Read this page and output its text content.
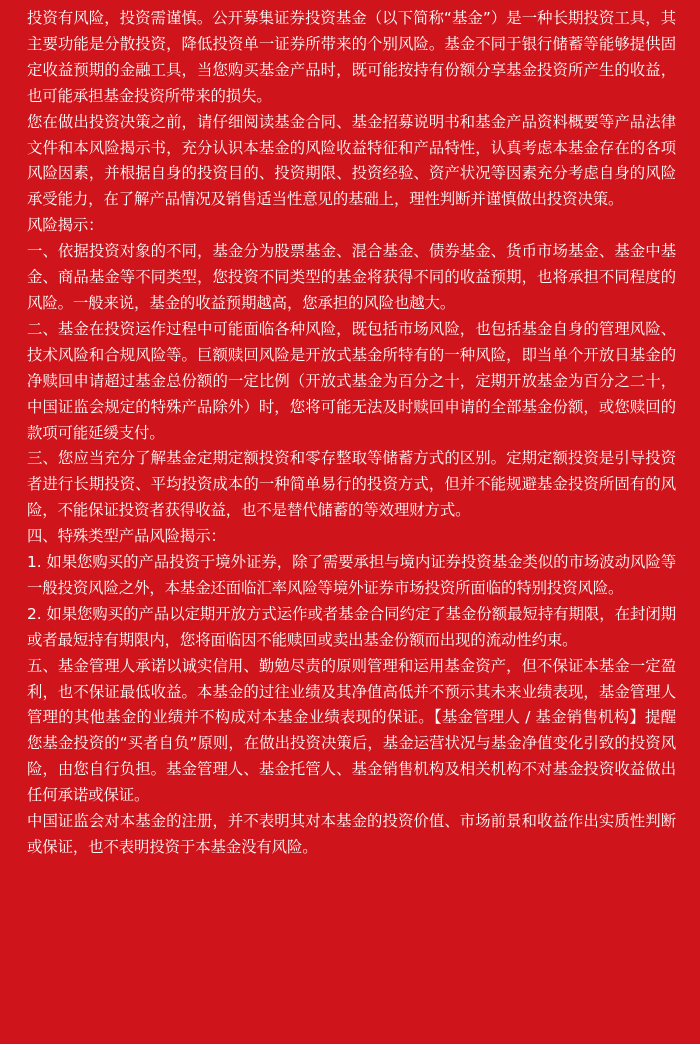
投资有风险，投资需谨慎。公开募集证券投资基金（以下简称“基金”）是一种长期投资工具，其主要功能是分散投资，降低投资单一证券所带来的个别风险。基金不同于银行储蓄等能够提供固定收益预期的金融工具，当您购买基金产品时，既可能按持有份额分享基金投资所产生的收益，也可能承担基金投资所带来的损失。

您在做出投资决策之前，请仔细阅读基金合同、基金招募说明书和基金产品资料概要等产品法律文件和本风险揭示书，充分认识本基金的风险收益特征和产品特性，认真考虑本基金存在的各项风险因素，并根据自身的投资目的、投资期限、投资经验、资产状况等因素充分考虑自身的风险承受能力，在了解产品情况及销售适当性意见的基础上，理性判断并谨慎做出投资决策。

风险揭示：

一、依据投资对象的不同，基金分为股票基金、混合基金、债券基金、货币市场基金、基金中基金、商品基金等不同类型，您投资不同类型的基金将获得不同的收益预期，也将承担不同程度的风险。一般来说，基金的收益预期越高，您承担的风险也越大。

二、基金在投资运作过程中可能面临各种风险，既包括市场风险，也包括基金自身的管理风险、技术风险和合规风险等。巨额赎回风险是开放式基金所特有的一种风险，即当单个开放日基金的净赎回申请超过基金总份额的一定比例（开放式基金为百分之十，定期开放基金为百分之二十，中国证监会规定的特殊产品除外）时，您将可能无法及时赎回申请的全部基金份额，或您赎回的款项可能延缓支付。

三、您应当充分了解基金定期定额投资和零存整取等储蓄方式的区别。定期定额投资是引导投资者进行长期投资、平均投资成本的一种简单易行的投资方式，但并不能规避基金投资所固有的风险，不能保证投资者获得收益，也不是替代储蓄的等效理财方式。

四、特殊类型产品风险揭示：

1. 如果您购买的产品投资于境外证券，除了需要承担与境内证券投资基金类似的市场波动风险等一般投资风险之外，本基金还面临汇率风险等境外证券市场投资所面临的特别投资风险。

2. 如果您购买的产品以定期开放方式运作或者基金合同约定了基金份额最短持有期限，在封闭期或者最短持有期限内，您将面临因不能赎回或卖出基金份额而出现的流动性约束。

五、基金管理人承诺以诚实信用、勤勉尽责的原则管理和运用基金资产，但不保证本基金一定盈利，也不保证最低收益。本基金的过往业绩及其净值高低并不预示其未来业绩表现，基金管理人管理的其他基金的业绩并不构成对本基金业绩表现的保证。【基金管理人 / 基金销售机构】提醒您基金投资的“买者自负”原则，在做出投资决策后，基金运营状况与基金净值变化引致的投资风险，由您自行负担。基金管理人、基金托管人、基金销售机构及相关机构不对基金投资收益做出任何承诺或保证。

中国证监会对本基金的注册，并不表明其对本基金的投资价值、市场前景和收益作出实质性判断或保证，也不表明投资于本基金没有风险。
